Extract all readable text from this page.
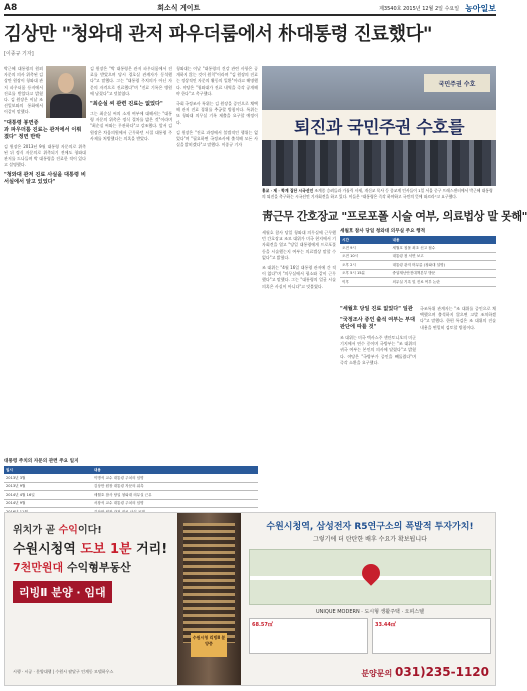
A8	희소식 게이트	제3540호 2015년 12월 2일 수요일 농아일보
김상만 "청와대 관저 파우더룸에서 朴대통령 진료했다"
[이종규 기자]

박근혜 대통령의 원외자문의 의사 위촉된 김상만 원장이 청와대 관저 파우더룸 등지에서 진료를 받았다고 밝혔다. 김 원장은 이날 조선일보와의 통화에서 이같이 말했다.

"대통령 봉면증과 파우더룸 진료는 관저에서 이뤄졌다" 정면 반박

김 원장은 2013년 9월 대통령 자문의로 위촉된 뒤 정식 자문의로 위촉되기 전에도 청와대 관저를 드나들며 박 대통령을 진료한 적이 있다고 설명했다.

"청와대 관저 진료 사실을 대통령 비서실에서 알고 있었다"

김 원장은 "박 대통령은 관저 파우더룸에서 진료를 받았으며 당시 경호실 관계자가 동석했다"고 말했다. 그는 "대통령 주치의가 아닌 자문의 자격으로 진료했다"며 "진료 기록은 병원에 남겼다"고 덧붙였다.

"최순실 씨 관련 진료는 없었다"

그는 최순실 씨의 소개 여부에 대해서는 "대통령 자문의 위촉은 정식 절차를 밟은 것"이라며 "최순실 씨와는 무관하다"고 강조했다. 앞서 김 원장은 차움의원에서 근무하던 시절 대통령 주사제를 처방했다는 의혹을 받았다.

청와대는 이날 "대통령의 건강 관련 사항은 공개하지 않는 것이 원칙"이라며 "김 원장의 진료는 정상적인 자문의 활동의 일환"이라고 해명했다. 야당은 "청와대가 진료 내역을 즉각 공개해야 한다"고 촉구했다.

국회 국정조사 특위는 김 원장을 증인으로 채택해 관저 진료 경위를 추궁할 방침이다. 특위는 또 청와대 의무실 기록 제출을 요구할 예정이다.

김 원장은 "진료 과정에서 불법적인 행위는 없었다"며 "필요하면 국정조사에 출석해 모든 사실을 밝히겠다"고 말했다. 이종규 기자

국민주권 수호
퇴진과 국민주권 수호를
홍교 · 제 · 학계 집단 시국선언 조계종 승려들과 가톨릭 사제, 개신교 목사 등 종교계 인사들이 1일 서울 중구 프레스센터에서 박근혜 대통령의 퇴진을 촉구하는 시국선언 기자회견을 하고 있다. 이들은 "대통령은 즉각 하야하고 국민의 뜻에 따르라"고 요구했다.
靑근무 간호장교 "프로포폴 시술 여부, 의료법상 말 못해"

세월호 참사 당일 청와대 의무실에 근무했던 간호장교 조모 대위가 미국 현지에서 기자회견을 열고 "당일 대통령에게 프로포폴 등을 시술했는지 여부는 의료법상 말할 수 없다"고 밝혔다.

조 대위는 "4월 16일 대통령 관저에 간 적이 없다"며 "의무실에서 평소와 같이 근무했다"고 말했다. 그는 "대통령의 얼굴 시술 의혹은 사실이 아니다"고 덧붙였다.

세월호 참사 당일 청와대 의무실 주요 행적
시간	내용
오전 9시	세월호 침몰 최초 신고 접수
오전 10시	대통령 첫 서면 보고
오후 2시	대통령 관저 머무름 (청와대 설명)
오후 5시 15분	중앙재난안전대책본부 방문
이후	의무실 기록 및 진료 여부 논란

"세월호 당일 진료 없었다" 일관

"국정조사 증인 출석 여부는 부대 판단에 따를 것"

조 대위는 미국 텍사스주 샌안토니오의 미군 기지에서 연수 중이며 국방부는 "조 대위의 귀국 여부는 본인의 의사에 달렸다"고 밝혔다. 야당은 "국방부가 증인을 빼돌렸다"며 즉각 소환을 요구했다.

국조특위 관계자는 "조 대위를 증인으로 채택했으며 출석하지 않으면 고발 조치하겠다"고 말했다. 한편 특검은 조 대위의 진술 내용을 면밀히 검토할 방침이다.

대통령 주치의 자문의 관련 주요 일지
일시	내용
2013년 3월	이병석 교수 대통령 주치의 임명
2013년 9월	김상만 원장 대통령 자문의 위촉
2014년 4월 16일	세월호 참사 당일 청와대 의무실 근무
2014년 9월	서창석 교수 대통령 주치의 임명

위치가 곧 수익이다!
수원시청역 도보 1분 거리!
7천만원대 수익형부동산
리빙Ⅱ 분양 · 임대
수원시청 리빙Ⅱ 분양중
수원시청역, 삼성전자 R5연구소의 폭발적 투자가치!
그렇기에 더 탄탄한 배후 수요가 확보됩니다
UNIQUE MODERN · 도시형 생활주택 · 오피스텔
68.57㎡	33.44㎡
시행 · 시공 · 분양대행 | 수원시 팔달구 인계동 모델하우스	분양문의 031)235-1120
